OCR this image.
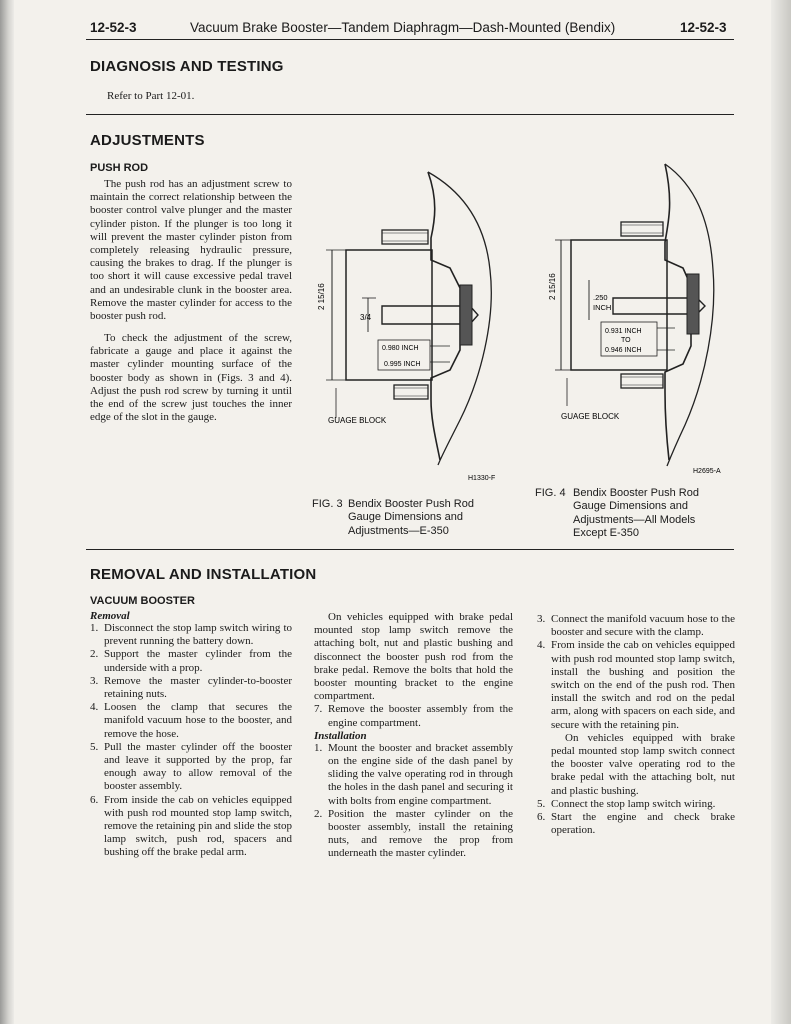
12-52-3	Vacuum Brake Booster—Tandem Diaphragm—Dash-Mounted (Bendix)	12-52-3
DIAGNOSIS AND TESTING
Refer to Part 12-01.
ADJUSTMENTS
PUSH ROD
The push rod has an adjustment screw to maintain the correct relationship between the booster control valve plunger and the master cylinder piston. If the plunger is too long it will prevent the master cylinder piston from completely releasing hydraulic pressure, causing the brakes to drag. If the plunger is too short it will cause excessive pedal travel and an undesirable clunk in the booster area. Remove the master cylinder for access to the booster push rod.
To check the adjustment of the screw, fabricate a gauge and place it against the master cylinder mounting surface of the booster body as shown in (Figs. 3 and 4). Adjust the push rod screw by turning it until the end of the screw just touches the inner edge of the slot in the gauge.
2 15/16
3/4
0.980 INCH
0.995 INCH
GUAGE BLOCK
H1330-F
2 15/16	.250
INCH
0.931 INCH
TO
0.946 INCH
GUAGE BLOCK
H2695-A
FIG. 3 Bendix Booster Push Rod Gauge Dimensions and Adjustments—E-350
FIG. 4 Bendix Booster Push Rod Gauge Dimensions and Adjustments—All Models Except E-350
REMOVAL AND INSTALLATION
VACUUM BOOSTER
Removal
1. Disconnect the stop lamp switch wiring to prevent running the battery down.
2. Support the master cylinder from the underside with a prop.
3. Remove the master cylinder-to-booster retaining nuts.
4. Loosen the clamp that secures the manifold vacuum hose to the booster, and remove the hose.
5. Pull the master cylinder off the booster and leave it supported by the prop, far enough away to allow removal of the booster assembly.
6. From inside the cab on vehicles equipped with push rod mounted stop lamp switch, remove the retaining pin and slide the stop lamp switch, push rod, spacers and bushing off the brake pedal arm.
On vehicles equipped with brake pedal mounted stop lamp switch remove the attaching bolt, nut and plastic bushing and disconnect the booster push rod from the brake pedal. Remove the bolts that hold the booster mounting bracket to the engine compartment.
7. Remove the booster assembly from the engine compartment.
Installation
1. Mount the booster and bracket assembly on the engine side of the dash panel by sliding the valve operating rod in through the holes in the dash panel and securing it with bolts from engine compartment.
2. Position the master cylinder on the booster assembly, install the retaining nuts, and remove the prop from underneath the master cylinder.
3. Connect the manifold vacuum hose to the booster and secure with the clamp.
4. From inside the cab on vehicles equipped with push rod mounted stop lamp switch, install the bushing and position the switch on the end of the push rod. Then install the switch and rod on the pedal arm, along with spacers on each side, and secure with the retaining pin.
On vehicles equipped with brake pedal mounted stop lamp switch connect the booster valve operating rod to the brake pedal with the attaching bolt, nut and plastic bushing.
5. Connect the stop lamp switch wiring.
6. Start the engine and check brake operation.
